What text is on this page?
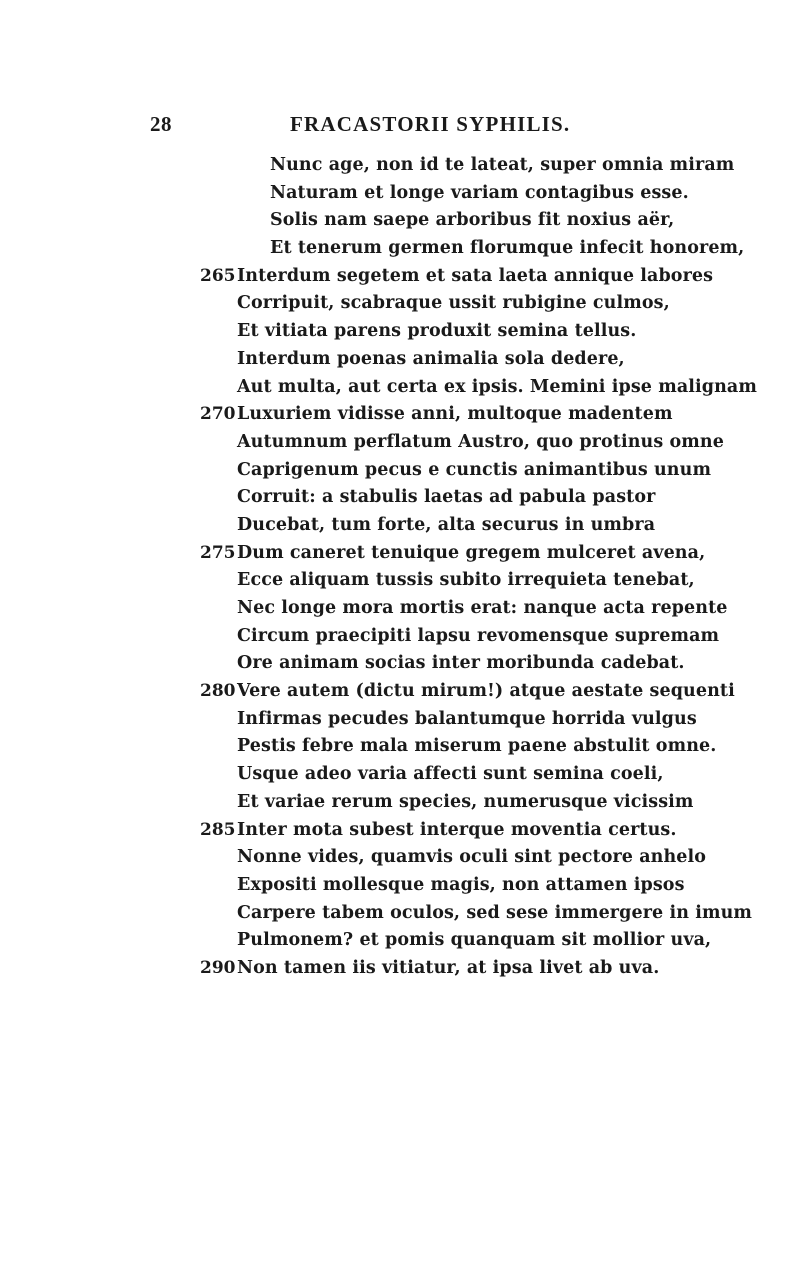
28	FRACASTORII SYPHILIS.
Nunc age, non id te lateat, super omnia miram
Naturam et longe variam contagibus esse.
Solis nam saepe arboribus fit noxius aër,
Et tenerum germen florumque infecit honorem,
265 Interdum segetem et sata laeta annique labores
Corripuit, scabraque ussit rubigine culmos,
Et vitiata parens produxit semina tellus.
Interdum poenas animalia sola dedere,
Aut multa, aut certa ex ipsis. Memini ipse malignam
270 Luxuriem vidisse anni, multoque madentem
Autumnum perflatum Austro, quo protinus omne
Caprigenum pecus e cunctis animantibus unum
Corruit: a stabulis laetas ad pabula pastor
Ducebat, tum forte, alta securus in umbra
275 Dum caneret tenuique gregem mulceret avena,
Ecce aliquam tussis subito irrequieta tenebat,
Nec longe mora mortis erat: nanque acta repente
Circum praecipiti lapsu revomensque supremam
Ore animam socias inter moribunda cadebat.
280 Vere autem (dictu mirum!) atque aestate sequenti
Infirmas pecudes balantumque horrida vulgus
Pestis febre mala miserum paene abstulit omne.
Usque adeo varia affecti sunt semina coeli,
Et variae rerum species, numerusque vicissim
285 Inter mota subest interque moventia certus.
Nonne vides, quamvis oculi sint pectore anhelo
Expositi mollesque magis, non attamen ipsos
Carpere tabem oculos, sed sese immergere in imum
Pulmonem? et pomis quanquam sit mollior uva,
290 Non tamen iis vitiatur, at ipsa livet ab uva.
